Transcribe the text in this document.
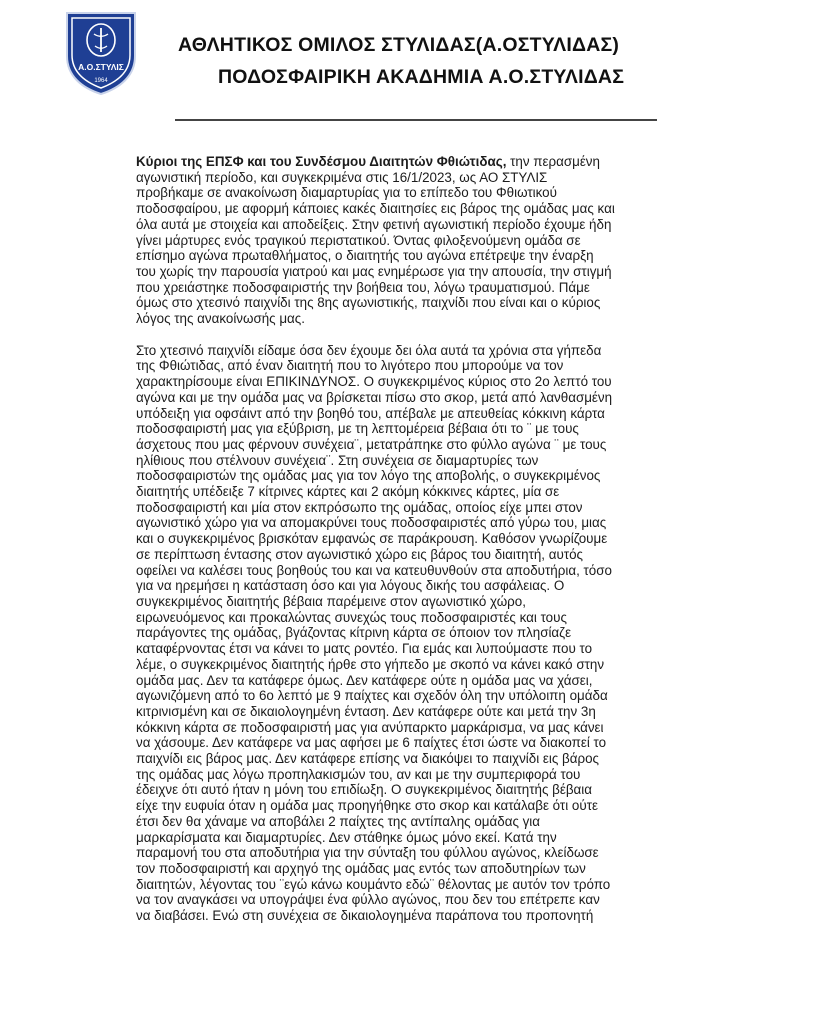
Α.Ο.ΣΤΥΛΙΣ
1964
ΑΘΛΗΤΙΚΟΣ ΟΜΙΛΟΣ ΣΤΥΛΙΔΑΣ(Α.ΟΣΤΥΛΙΔΑΣ)
ΠΟΔΟΣΦΑΙΡΙΚΗ ΑΚΑΔΗΜΙΑ Α.Ο.ΣΤΥΛΙΔΑΣ
Κύριοι της ΕΠΣΦ και του Συνδέσμου Διαιτητών Φθιώτιδας, την περασμένη
αγωνιστική περίοδο, και συγκεκριμένα στις 16/1/2023, ως ΑΟ ΣΤΥΛΙΣ
προβήκαμε σε ανακοίνωση διαμαρτυρίας για το επίπεδο του Φθιωτικού
ποδοσφαίρου, με αφορμή κάποιες κακές διαιτησίες εις βάρος της ομάδας μας και
όλα αυτά με στοιχεία και αποδείξεις. Στην φετινή αγωνιστική περίοδο έχουμε ήδη
γίνει μάρτυρες ενός τραγικού περιστατικού. Όντας φιλοξενούμενη ομάδα σε
επίσημο αγώνα πρωταθλήματος, ο διαιτητής του αγώνα επέτρεψε την έναρξη
του χωρίς την παρουσία γιατρού και μας ενημέρωσε για την απουσία, την στιγμή
που χρειάστηκε ποδοσφαιριστής την βοήθεια του, λόγω τραυματισμού. Πάμε
όμως στο χτεσινό παιχνίδι της 8ης αγωνιστικής, παιχνίδι που είναι και ο κύριος
λόγος της ανακοίνωσής μας.
Στο χτεσινό παιχνίδι είδαμε όσα δεν έχουμε δει όλα αυτά τα χρόνια στα γήπεδα
της Φθιώτιδας, από έναν διαιτητή που το λιγότερο που μπορούμε να τον
χαρακτηρίσουμε είναι ΕΠΙΚΙΝΔΥΝΟΣ. Ο συγκεκριμένος κύριος στο 2ο λεπτό του
αγώνα και με την ομάδα μας να βρίσκεται πίσω στο σκορ, μετά από λανθασμένη
υπόδειξη για οφσάιντ από την βοηθό του, απέβαλε με απευθείας κόκκινη κάρτα
ποδοσφαιριστή μας για εξύβριση, με τη λεπτομέρεια βέβαια ότι το ¨ με τους
άσχετους που μας φέρνουν συνέχεια¨, μετατράπηκε στο φύλλο αγώνα ¨ με τους
ηλίθιους που στέλνουν συνέχεια¨. Στη συνέχεια σε διαμαρτυρίες των
ποδοσφαιριστών της ομάδας μας για τον λόγο της αποβολής, ο συγκεκριμένος
διαιτητής υπέδειξε 7 κίτρινες κάρτες και 2 ακόμη κόκκινες κάρτες, μία σε
ποδοσφαιριστή και μία στον εκπρόσωπο της ομάδας, οποίος είχε μπει στον
αγωνιστικό χώρο για να απομακρύνει τους ποδοσφαιριστές από γύρω του, μιας
και ο συγκεκριμένος βρισκόταν εμφανώς σε παράκρουση. Καθόσον γνωρίζουμε
σε περίπτωση έντασης στον αγωνιστικό χώρο εις βάρος του διαιτητή, αυτός
οφείλει να καλέσει τους βοηθούς του και να κατευθυνθούν στα αποδυτήρια, τόσο
για να ηρεμήσει η κατάσταση όσο και για λόγους δικής του ασφάλειας. Ο
συγκεκριμένος διαιτητής βέβαια παρέμεινε στον αγωνιστικό χώρο,
ειρωνευόμενος και προκαλώντας συνεχώς τους ποδοσφαιριστές και τους
παράγοντες της ομάδας, βγάζοντας κίτρινη κάρτα σε όποιον τον πλησίαζε
καταφέρνοντας έτσι να κάνει το ματς ροντέο. Για εμάς και λυπούμαστε που το
λέμε, ο συγκεκριμένος διαιτητής ήρθε στο γήπεδο με σκοπό να κάνει κακό στην
ομάδα μας. Δεν τα κατάφερε όμως. Δεν κατάφερε ούτε η ομάδα μας να χάσει,
αγωνιζόμενη από το 6ο λεπτό με 9 παίχτες και σχεδόν όλη την υπόλοιπη ομάδα
κιτρινισμένη και σε δικαιολογημένη ένταση. Δεν κατάφερε ούτε και μετά την 3η
κόκκινη κάρτα σε ποδοσφαιριστή μας για ανύπαρκτο μαρκάρισμα, να μας κάνει
να χάσουμε. Δεν κατάφερε να μας αφήσει με 6 παίχτες έτσι ώστε να διακοπεί το
παιχνίδι εις βάρος μας. Δεν κατάφερε επίσης να διακόψει το παιχνίδι εις βάρος
της ομάδας μας λόγω προπηλακισμών του, αν και με την συμπεριφορά του
έδειχνε ότι αυτό ήταν η μόνη του επιδίωξη. Ο συγκεκριμένος διαιτητής βέβαια
είχε την ευφυία όταν η ομάδα μας προηγήθηκε στο σκορ και κατάλαβε ότι ούτε
έτσι δεν θα χάναμε να αποβάλει 2 παίχτες της αντίπαλης ομάδας για
μαρκαρίσματα και διαμαρτυρίες. Δεν στάθηκε όμως μόνο εκεί. Κατά την
παραμονή του στα αποδυτήρια για την σύνταξη του φύλλου αγώνος, κλείδωσε
τον ποδοσφαιριστή και αρχηγό της ομάδας μας εντός των αποδυτηρίων των
διαιτητών, λέγοντας του ¨εγώ κάνω κουμάντο εδώ¨ θέλοντας με αυτόν τον τρόπο
να τον αναγκάσει να υπογράψει ένα φύλλο αγώνος, που δεν του επέτρεπε καν
να διαβάσει. Ενώ στη συνέχεια σε δικαιολογημένα παράπονα του προπονητή
